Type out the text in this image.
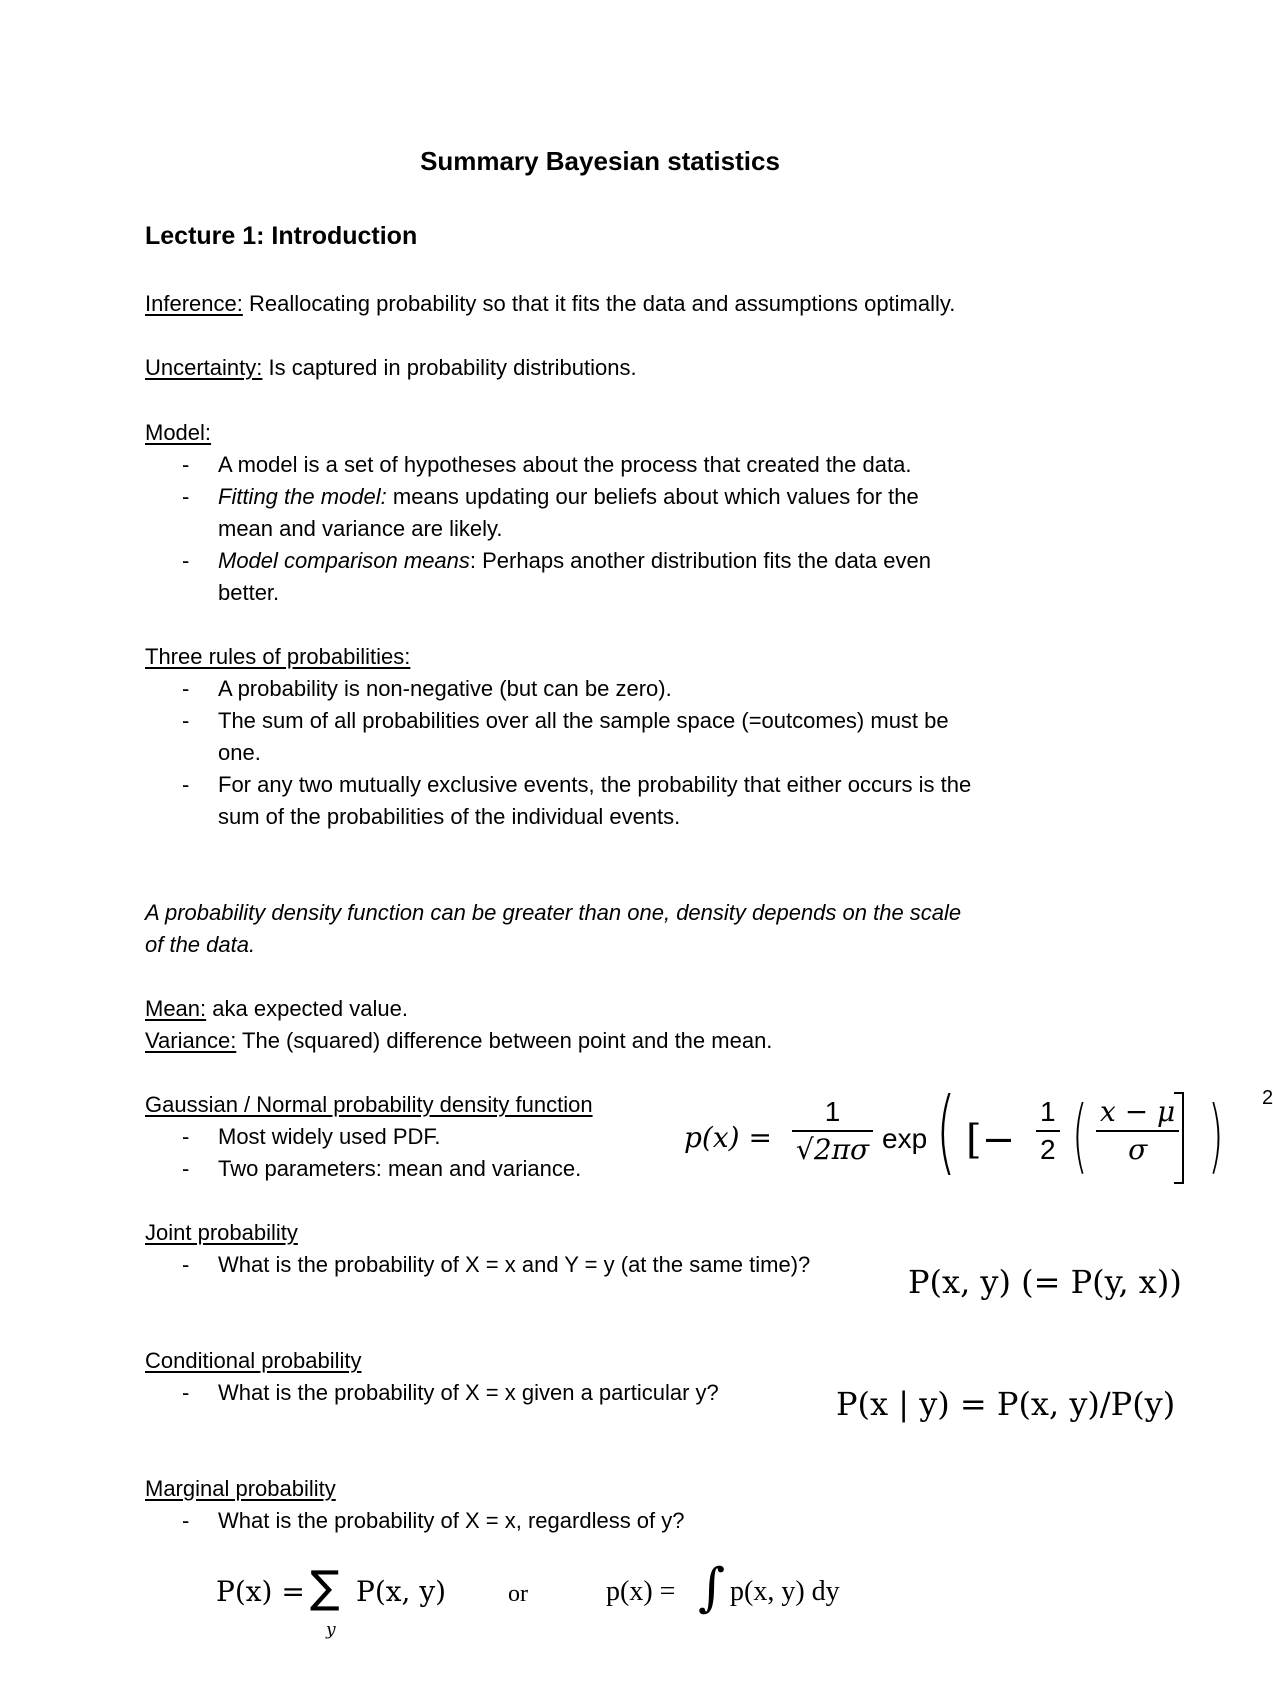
Summary Bayesian statistics
Lecture 1: Introduction
Inference: Reallocating probability so that it fits the data and assumptions optimally.
Uncertainty: Is captured in probability distributions.
Model:
- A model is a set of hypotheses about the process that created the data.
- Fitting the model: means updating our beliefs about which values for the
mean and variance are likely.
- Model comparison means: Perhaps another distribution fits the data even
better.
Three rules of probabilities:
- A probability is non-negative (but can be zero).
- The sum of all probabilities over all the sample space (=outcomes) must be
one.
- For any two mutually exclusive events, the probability that either occurs is the
sum of the probabilities of the individual events.
A probability density function can be greater than one, density depends on the scale
of the data.
Mean: aka expected value.
Variance: The (squared) difference between point and the mean.
Gaussian / Normal probability density function
- Most widely used PDF.
- Two parameters: mean and variance.
$p(x) = \frac{1}{√2\pi\sigma}$ exp ( [− $\frac{1}{2}$ ( $\frac{x - \mu}{\sigma}$ ) 2
Joint probability
- What is the probability of X = x and Y = y (at the same time)?	P(x, y) (= P(y, x))
Conditional probability
- What is the probability of X = x given a particular y?	P(x | y) = P(x, y)/P(y)
Marginal probability
- What is the probability of X = x, regardless of y?
P(x) = ∑
y
P(x, y)	or	p(x) = ∫ p(x, y) dy
